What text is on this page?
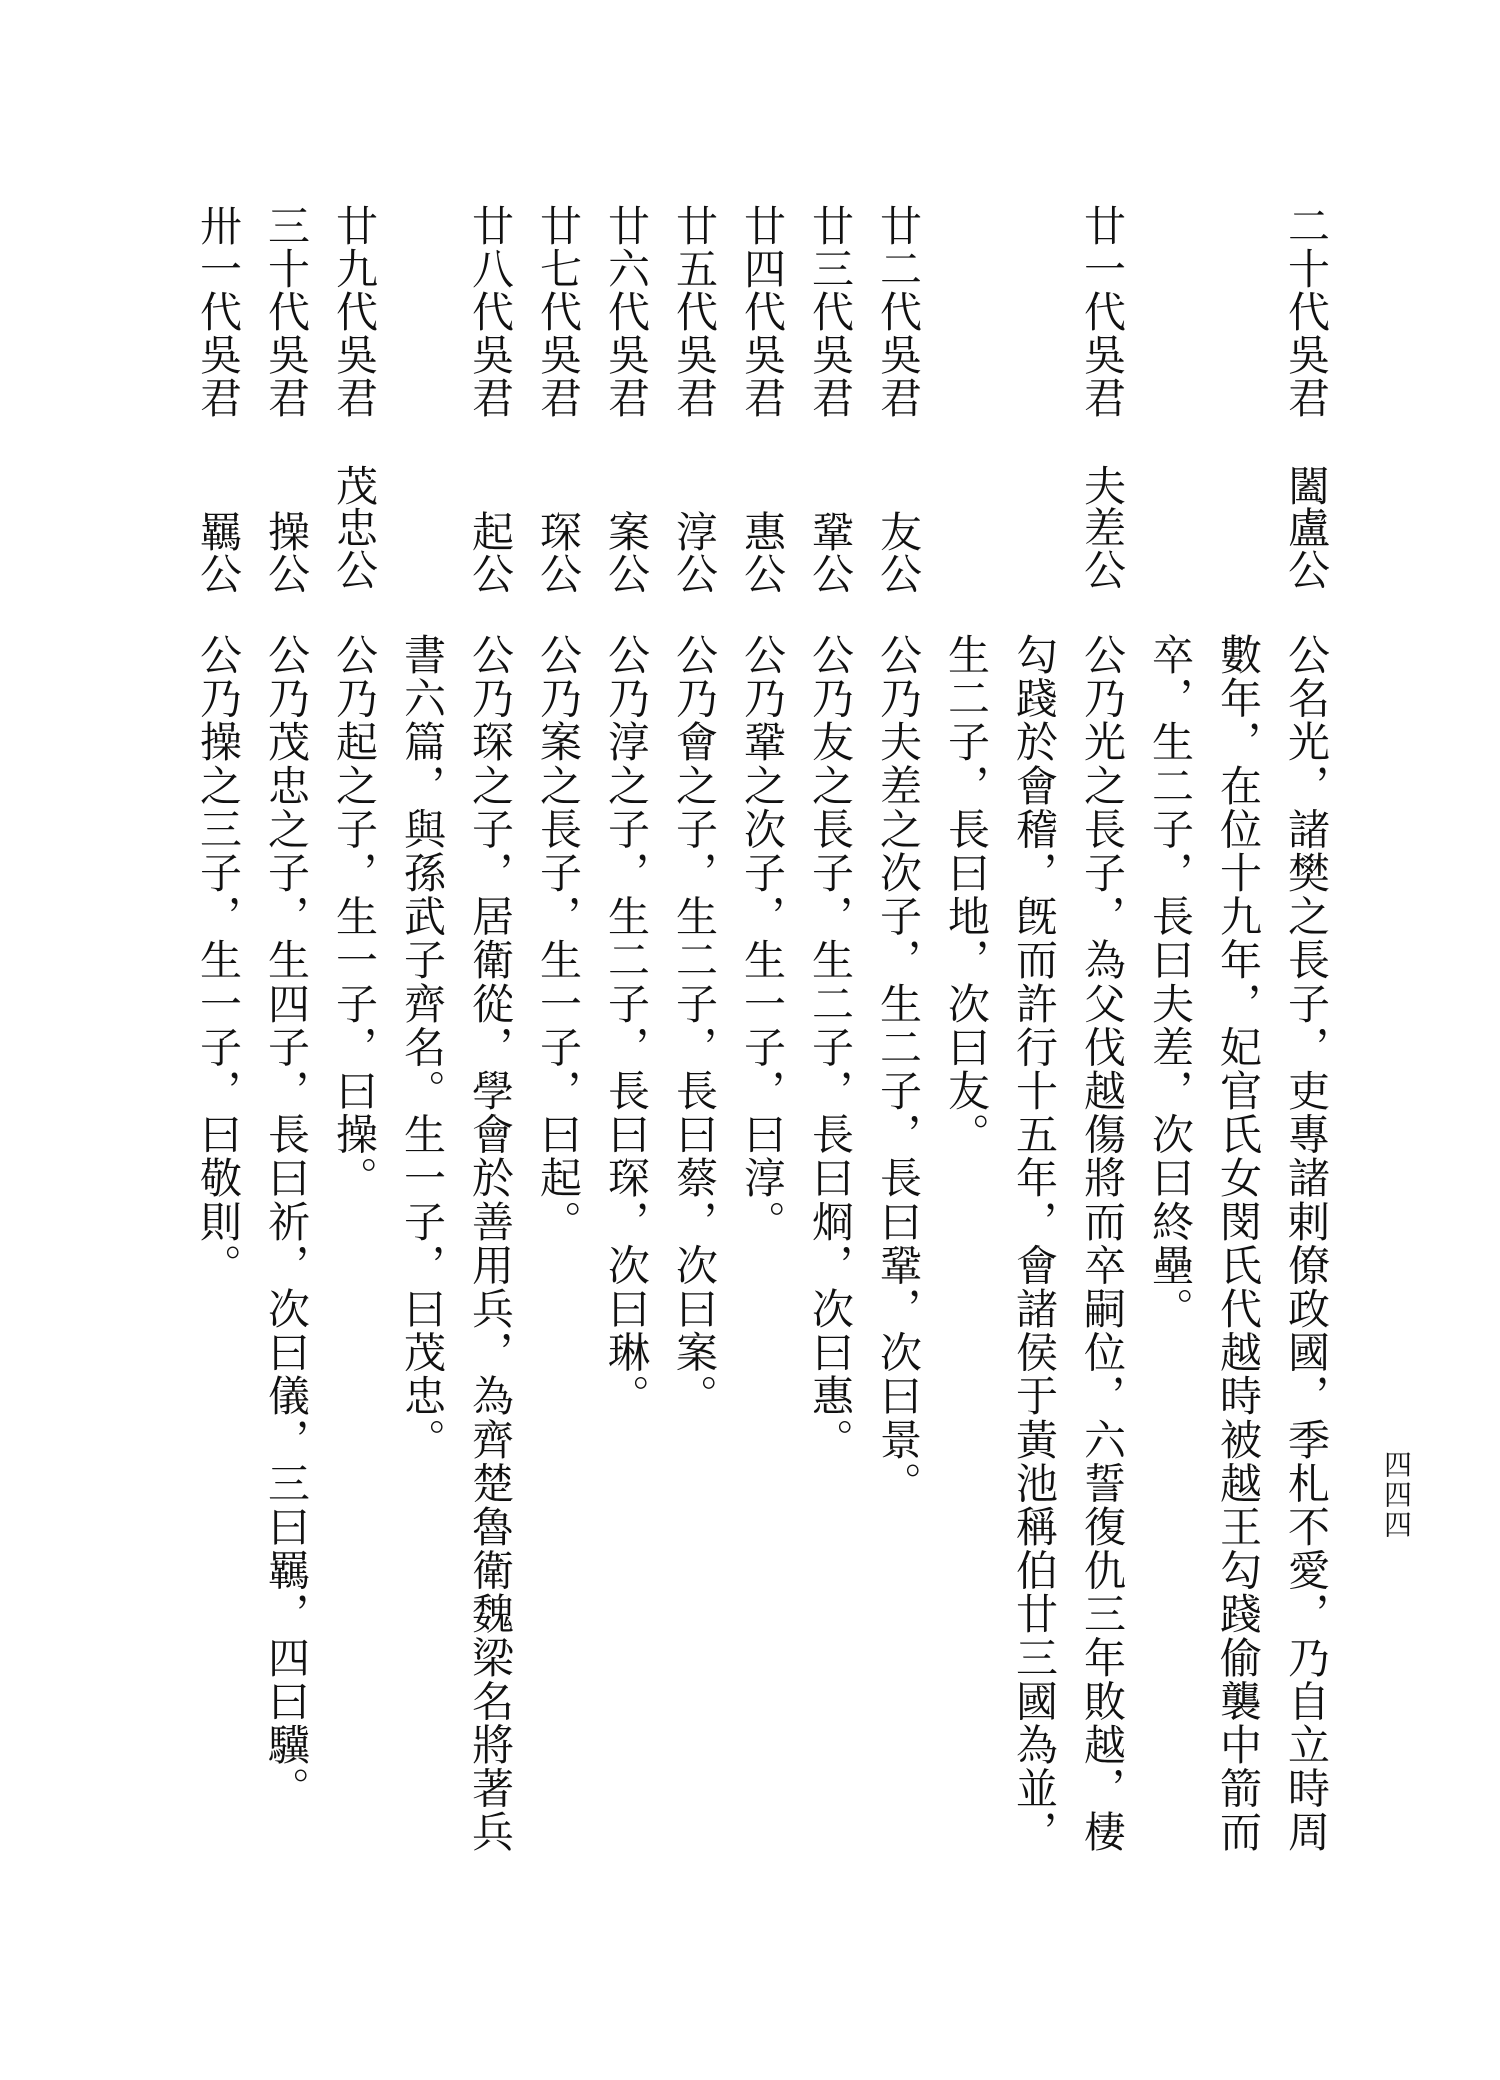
四四四
二十代吳君
闔盧公
公名光，諸樊之長子，吏專諸剌僚政國，季札不愛，乃自立時周
數年，在位十九年，妃官氏女閔氏代越時被越王勾踐偷襲中箭而
卒，生二子，長曰夫差，次曰終壘。
廿一代吳君
夫差公
公乃光之長子，為父伐越傷將而卒嗣位，六誓復仇三年敗越，棲
勾踐於會稽，旣而許行十五年，會諸侯于黃池稱伯廿三國為並，
生二子，長曰地，次曰友。
廿二代吳君
友公
公乃夫差之次子，生二子，長曰鞏，次曰景。
廿三代吳君
鞏公
公乃友之長子，生二子，長曰烱，次曰惠。
廿四代吳君
惠公
公乃鞏之次子，生一子，曰淳。
廿五代吳君
淳公
公乃會之子，生二子，長曰蔡，次曰案。
廿六代吳君
案公
公乃淳之子，生二子，長曰琛，次曰琳。
廿七代吳君
琛公
公乃案之長子，生一子，曰起。
廿八代吳君
起公
公乃琛之子，居衛從，學會於善用兵，為齊楚魯衛魏梁名將著兵
書六篇，與孫武子齊名。生一子，曰茂忠。
廿九代吳君
茂忠公
公乃起之子，生一子，曰操。
三十代吳君
操公
公乃茂忠之子，生四子，長曰祈，次曰儀，三曰羈，四曰驥。
卅一代吳君
羈公
公乃操之三子，生一子，曰敬則。
